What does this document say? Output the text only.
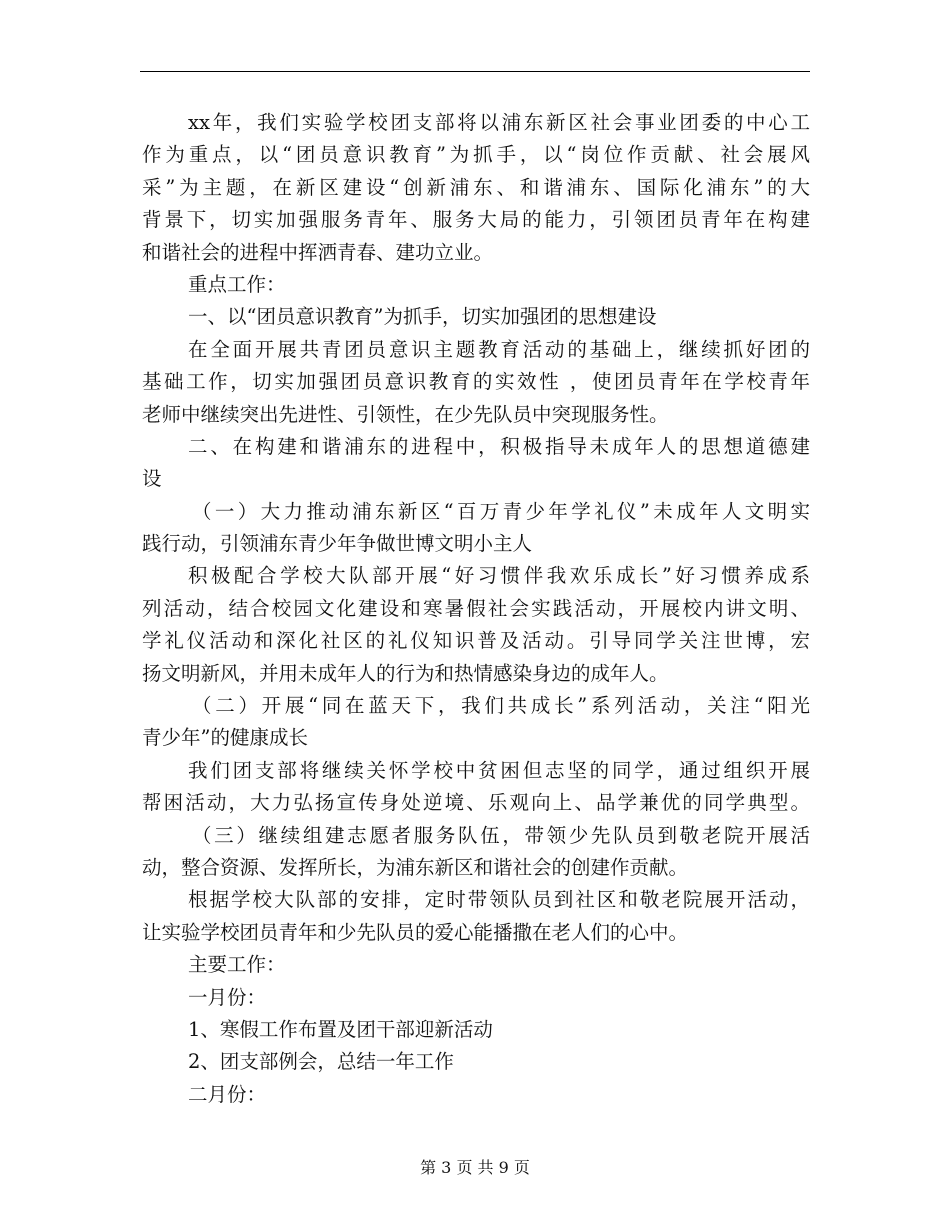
xx年，我们实验学校团支部将以浦东新区社会事业团委的中心工
作为重点，以“团员意识教育”为抓手，以“岗位作贡献、社会展风
采”为主题，在新区建设“创新浦东、和谐浦东、国际化浦东”的大
背景下，切实加强服务青年、服务大局的能力，引领团员青年在构建
和谐社会的进程中挥洒青春、建功立业。
重点工作：
一、以“团员意识教育”为抓手，切实加强团的思想建设
在全面开展共青团员意识主题教育活动的基础上，继续抓好团的
基础工作，切实加强团员意识教育的实效性 ，使团员青年在学校青年
老师中继续突出先进性、引领性，在少先队员中突现服务性。
二、在构建和谐浦东的进程中，积极指导未成年人的思想道德建
设
（一）大力推动浦东新区“百万青少年学礼仪”未成年人文明实
践行动，引领浦东青少年争做世博文明小主人
积极配合学校大队部开展“好习惯伴我欢乐成长”好习惯养成系
列活动，结合校园文化建设和寒暑假社会实践活动，开展校内讲文明、
学礼仪活动和深化社区的礼仪知识普及活动。引导同学关注世博，宏
扬文明新风，并用未成年人的行为和热情感染身边的成年人。
（二）开展“同在蓝天下，我们共成长”系列活动，关注“阳光
青少年”的健康成长
我们团支部将继续关怀学校中贫困但志坚的同学，通过组织开展
帮困活动，大力弘扬宣传身处逆境、乐观向上、品学兼优的同学典型。
（三）继续组建志愿者服务队伍，带领少先队员到敬老院开展活
动，整合资源、发挥所长，为浦东新区和谐社会的创建作贡献。
根据学校大队部的安排，定时带领队员到社区和敬老院展开活动，
让实验学校团员青年和少先队员的爱心能播撒在老人们的心中。
主要工作：
一月份：
1、寒假工作布置及团干部迎新活动
2、团支部例会，总结一年工作
二月份：
第 3 页 共 9 页
